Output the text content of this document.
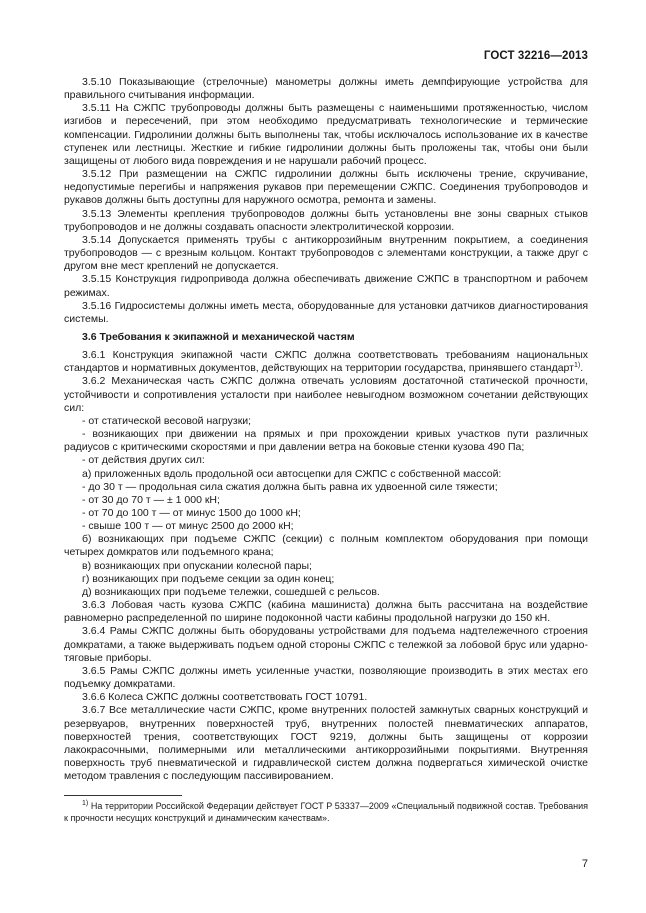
ГОСТ 32216—2013

3.5.10 Показывающие (стрелочные) манометры должны иметь демпфирующие устройства для правильного считывания информации.

3.5.11 На СЖПС трубопроводы должны быть размещены с наименьшими протяженностью, числом изгибов и пересечений, при этом необходимо предусматривать технологические и термические компенсации. Гидролинии должны быть выполнены так, чтобы исключалось использование их в качестве ступенек или лестницы. Жесткие и гибкие гидролинии должны быть проложены так, чтобы они были защищены от любого вида повреждения и не нарушали рабочий процесс.

3.5.12 При размещении на СЖПС гидролинии должны быть исключены трение, скручивание, недопустимые перегибы и напряжения рукавов при перемещении СЖПС. Соединения трубопроводов и рукавов должны быть доступны для наружного осмотра, ремонта и замены.

3.5.13 Элементы крепления трубопроводов должны быть установлены вне зоны сварных стыков трубопроводов и не должны создавать опасности электролитической коррозии.

3.5.14 Допускается применять трубы с антикоррозийным внутренним покрытием, а соединения трубопроводов — с врезным кольцом. Контакт трубопроводов с элементами конструкции, а также друг с другом вне мест креплений не допускается.

3.5.15 Конструкция гидропривода должна обеспечивать движение СЖПС в транспортном и рабочем режимах.

3.5.16 Гидросистемы должны иметь места, оборудованные для установки датчиков диагностирования системы.

3.6 Требования к экипажной и механической частям

3.6.1 Конструкция экипажной части СЖПС должна соответствовать требованиям национальных стандартов и нормативных документов, действующих на территории государства, принявшего стандарт$^{1)}$.

3.6.2 Механическая часть СЖПС должна отвечать условиям достаточной статической прочности, устойчивости и сопротивления усталости при наиболее невыгодном возможном сочетании действующих сил:

- от статической весовой нагрузки;

- возникающих при движении на прямых и при прохождении кривых участков пути различных радиусов с критическими скоростями и при давлении ветра на боковые стенки кузова 490 Па;

- от действия других сил:

а) приложенных вдоль продольной оси автосцепки для СЖПС с собственной массой:

- до 30 т — продольная сила сжатия должна быть равна их удвоенной силе тяжести;

- от 30 до 70 т — ± 1 000 кН;

- от 70 до 100 т — от минус 1500 до 1000 кН;

- свыше 100 т — от минус 2500 до 2000 кН;

б) возникающих при подъеме СЖПС (секции) с полным комплектом оборудования при помощи четырех домкратов или подъемного крана;

в) возникающих при опускании колесной пары;

г) возникающих при подъеме секции за один конец;

д) возникающих при подъеме тележки, сошедшей с рельсов.

3.6.3 Лобовая часть кузова СЖПС (кабина машиниста) должна быть рассчитана на воздействие равномерно распределенной по ширине подоконной части кабины продольной нагрузки до 150 кН.

3.6.4 Рамы СЖПС должны быть оборудованы устройствами для подъема надтележечного строения домкратами, а также выдерживать подъем одной стороны СЖПС с тележкой за лобовой брус или ударно-тяговые приборы.

3.6.5 Рамы СЖПС должны иметь усиленные участки, позволяющие производить в этих местах его подъемку домкратами.

3.6.6 Колеса СЖПС должны соответствовать ГОСТ 10791.

3.6.7 Все металлические части СЖПС, кроме внутренних полостей замкнутых сварных конструкций и резервуаров, внутренних поверхностей труб, внутренних полостей пневматических аппаратов, поверхностей трения, соответствующих ГОСТ 9219, должны быть защищены от коррозии лакокрасочными, полимерными или металлическими антикоррозийными покрытиями. Внутренняя поверхность труб пневматической и гидравлической систем должна подвергаться химической очистке методом травления с последующим пассивированием.

$^{1)}$ На территории Российской Федерации действует ГОСТ Р 53337—2009 «Специальный подвижной состав. Требования к прочности несущих конструкций и динамическим качествам».

7
